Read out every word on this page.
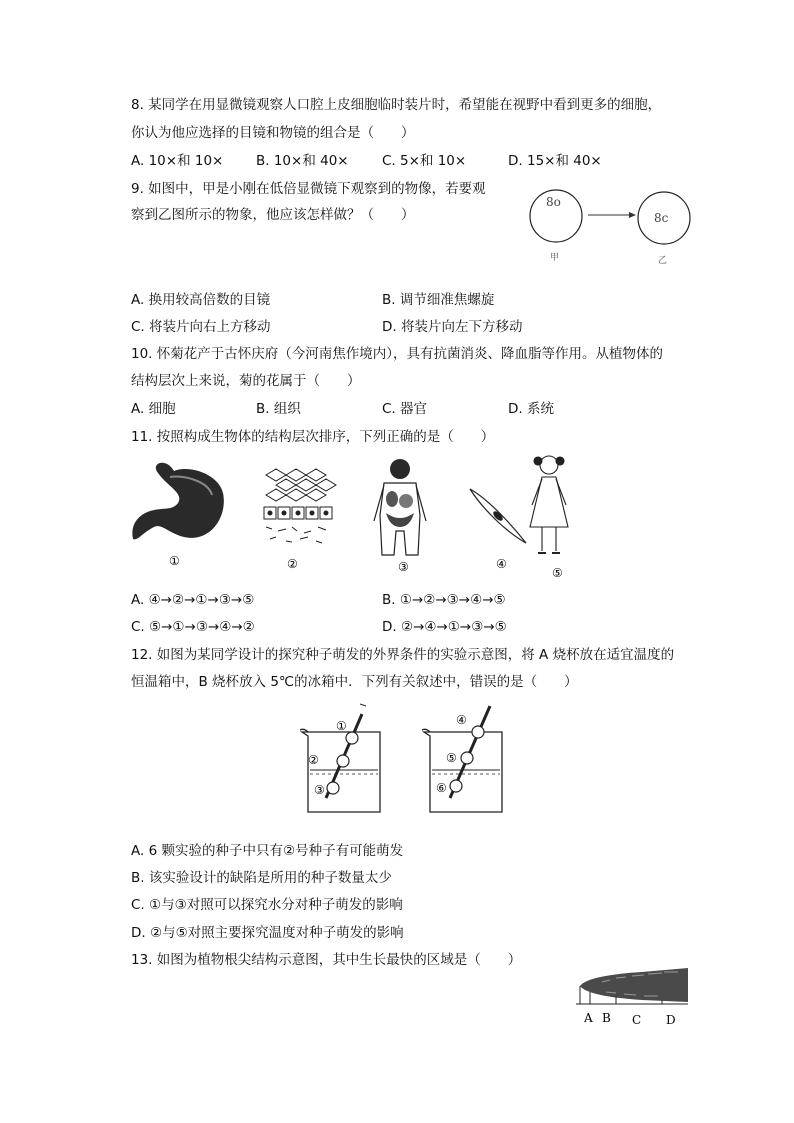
8. 某同学在用显微镜观察人口腔上皮细胞临时装片时，希望能在视野中看到更多的细胞，
你认为他应选择的目镜和物镜的组合是（　　）
A. 10×和 10× B. 10×和 40× C. 5×和 10×	D. 15×和 40×
9. 如图中，甲是小刚在低倍显微镜下观察到的物像，若要观
察到乙图所示的物象，他应该怎样做？（　　）
8o
8c
甲	乙
A. 换用较高倍数的目镜	B. 调节细准焦螺旋
C. 将装片向右上方移动	D. 将装片向左下方移动
10. 怀菊花产于古怀庆府（今河南焦作境内），具有抗菌消炎、降血脂等作用。从植物体的
结构层次上来说，菊的花属于（　　）
A. 细胞	B. 组织	C. 器官	D. 系统
11. 按照构成生物体的结构层次排序，下列正确的是（　　）
①	②	③	④
⑤
A. ④→②→①→③→⑤	B. ①→②→③→④→⑤
C. ⑤→①→③→④→②	D. ②→④→①→③→⑤
12. 如图为某同学设计的探究种子萌发的外界条件的实验示意图，将 A 烧杯放在适宜温度的
恒温箱中，B 烧杯放入 5℃的冰箱中．下列有关叙述中，错误的是（　　）
①
②
③
④
⑤
⑥
A. 6 颗实验的种子中只有②号种子有可能萌发
B. 该实验设计的缺陷是所用的种子数量太少
C. ①与③对照可以探究水分对种子萌发的影响
D. ②与⑤对照主要探究温度对种子萌发的影响
13. 如图为植物根尖结构示意图，其中生长最快的区域是（　　）
A B C D
